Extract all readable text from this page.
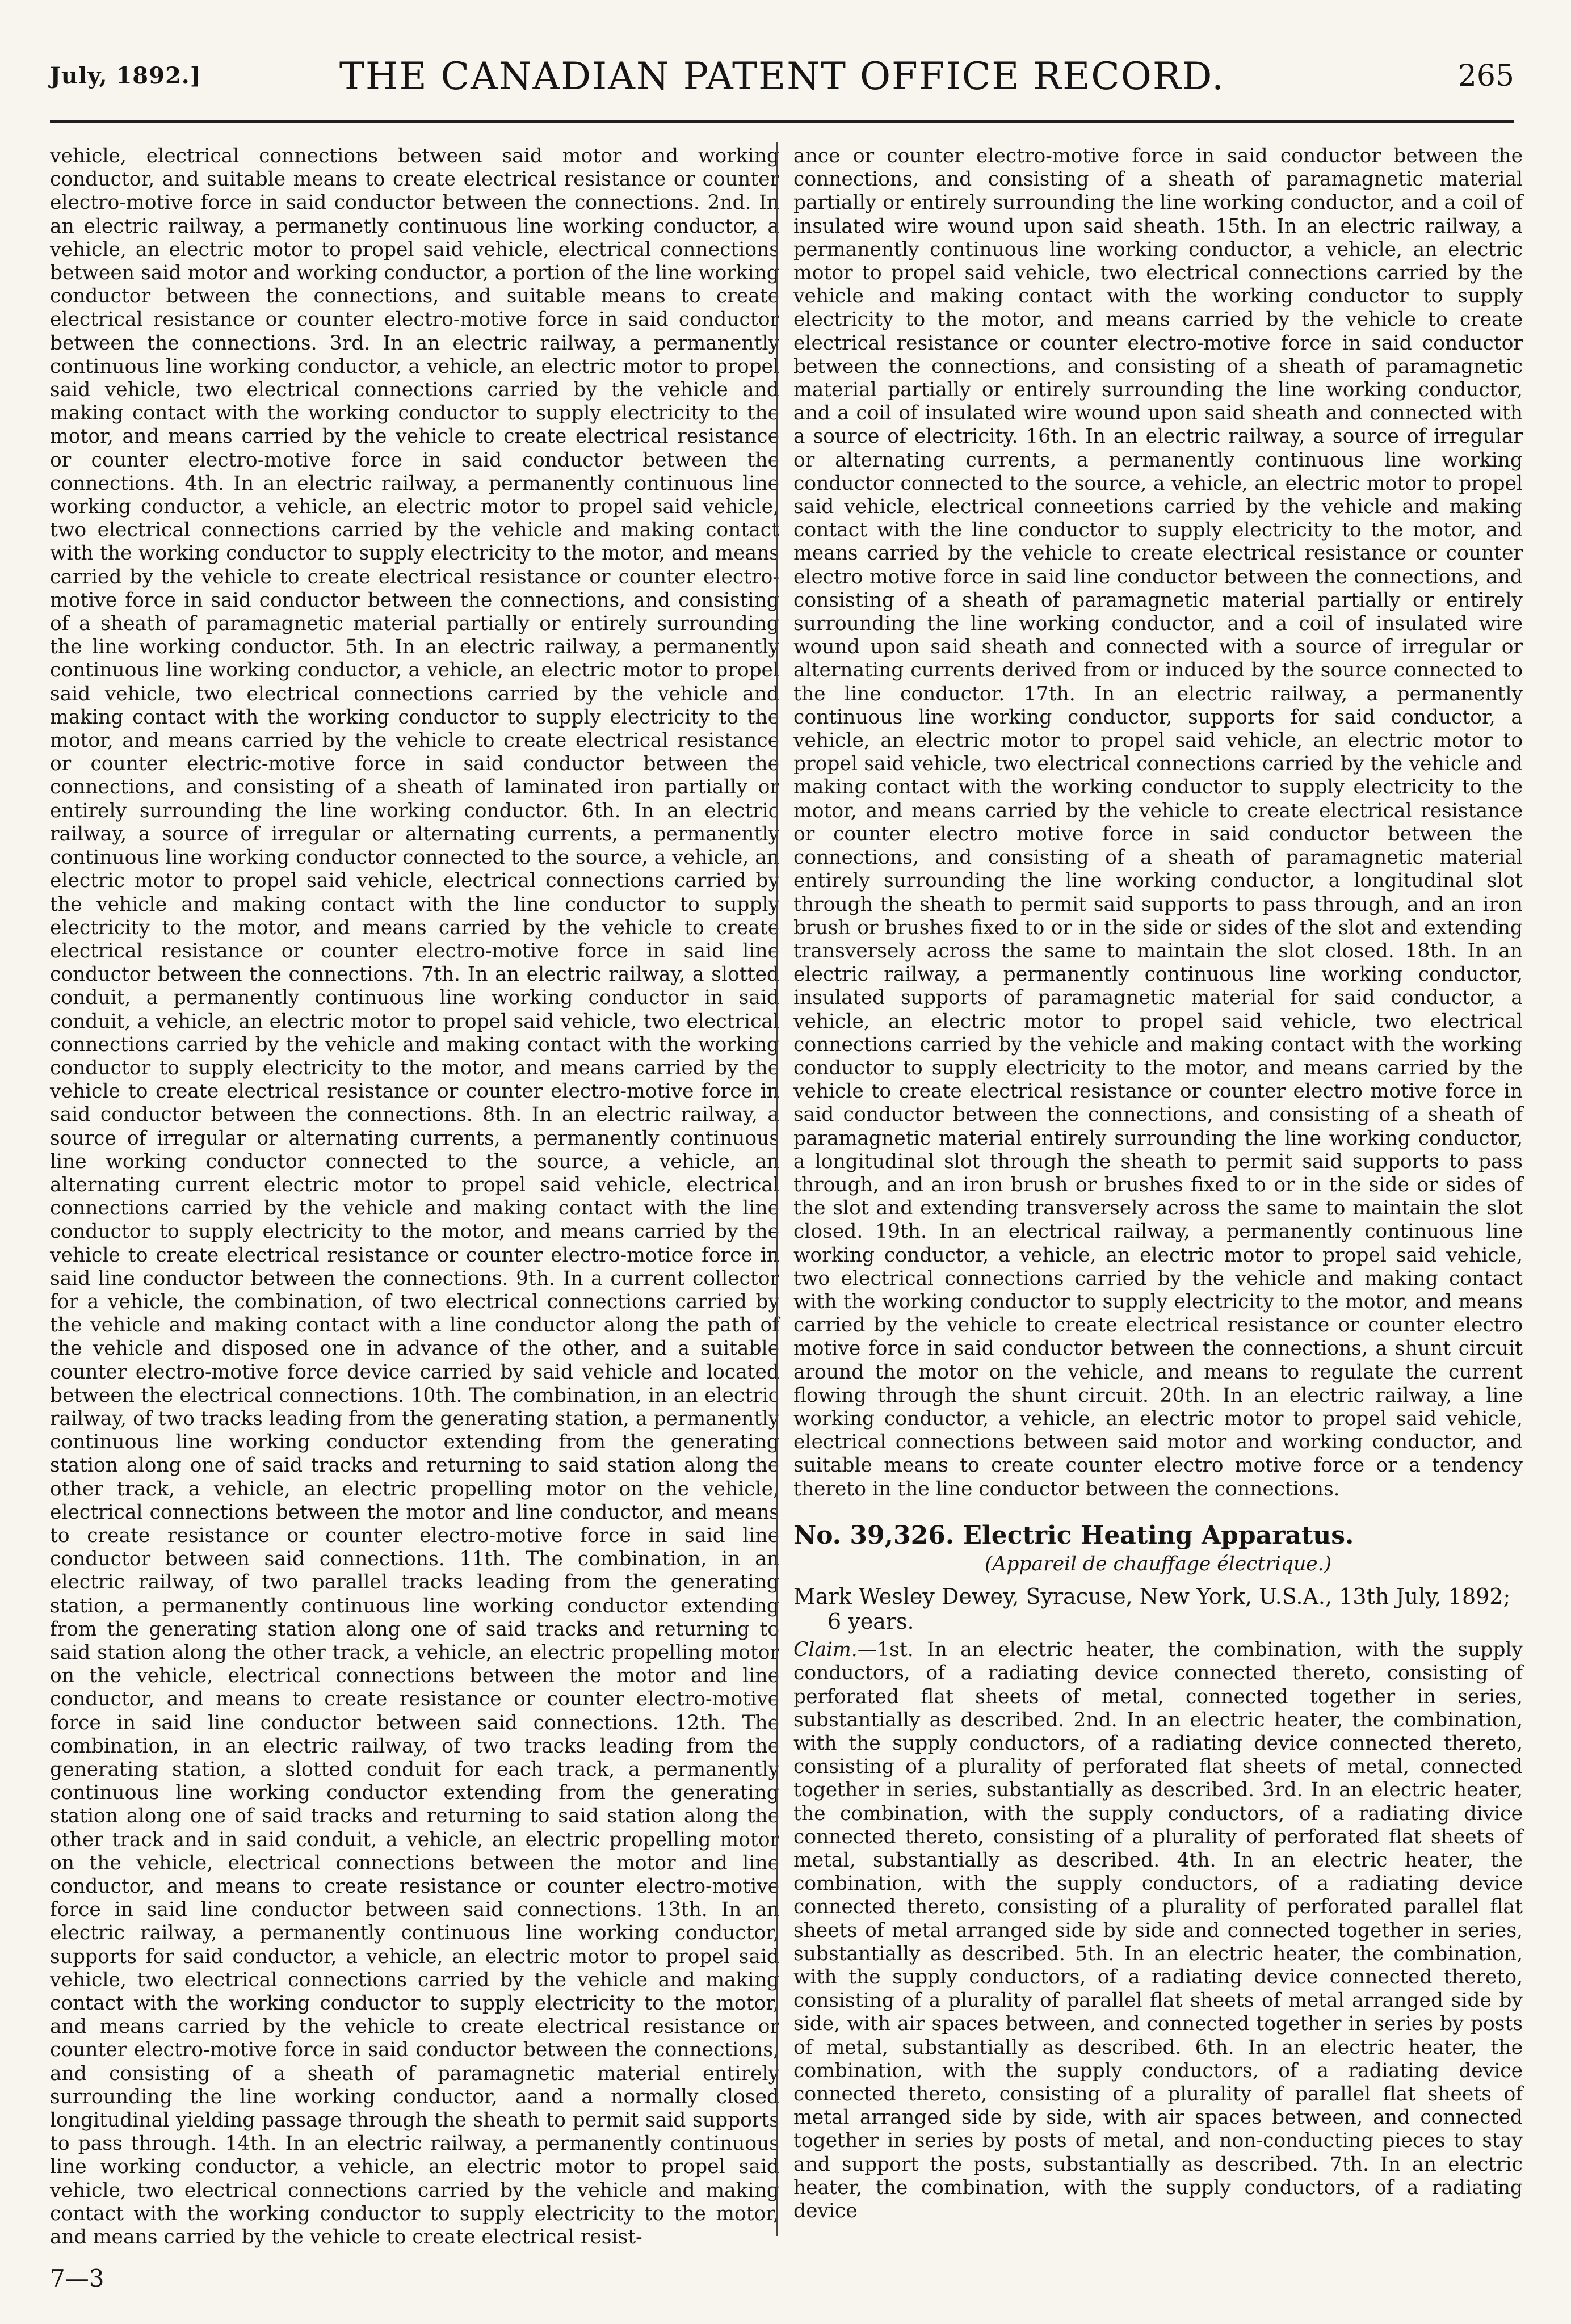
July, 1892.]	THE CANADIAN PATENT OFFICE RECORD.	265

vehicle, electrical connections between said motor and working conductor, and suitable means to create electrical resistance or counter electro-motive force in said conductor between the connections. 2nd. In an electric railway, a permanetly continuous line working conductor, a vehicle, an electric motor to propel said vehicle, electrical connections between said motor and working conductor, a portion of the line working conductor between the connections, and suitable means to create electrical resistance or counter electro-motive force in said conductor between the connections. 3rd. In an electric railway, a permanently continuous line working conductor, a vehicle, an electric motor to propel said vehicle, two electrical connections carried by the vehicle and making contact with the working conductor to supply electricity to the motor, and means carried by the vehicle to create electrical resistance or counter electro-motive force in said conductor between the connections. 4th. In an electric railway, a permanently continuous line working conductor, a vehicle, an electric motor to propel said vehicle, two electrical connections carried by the vehicle and making contact with the working conductor to supply electricity to the motor, and means carried by the vehicle to create electrical resistance or counter electro-motive force in said conductor between the connections, and consisting of a sheath of paramagnetic material partially or entirely surrounding the line working conductor. 5th. In an electric railway, a permanently continuous line working conductor, a vehicle, an electric motor to propel said vehicle, two electrical connections carried by the vehicle and making contact with the working conductor to supply electricity to the motor, and means carried by the vehicle to create electrical resistance or counter electric-motive force in said conductor between the connections, and consisting of a sheath of laminated iron partially or entirely surrounding the line working conductor. 6th. In an electric railway, a source of irregular or alternating currents, a permanently continuous line working conductor connected to the source, a vehicle, an electric motor to propel said vehicle, electrical connections carried by the vehicle and making contact with the line conductor to supply electricity to the motor, and means carried by the vehicle to create electrical resistance or counter electro-motive force in said line conductor between the connections. 7th. In an electric railway, a slotted conduit, a permanently continuous line working conductor in said conduit, a vehicle, an electric motor to propel said vehicle, two electrical connections carried by the vehicle and making contact with the working conductor to supply electricity to the motor, and means carried by the vehicle to create electrical resistance or counter electro-motive force in said conductor between the connections. 8th. In an electric railway, a source of irregular or alternating currents, a permanently continuous line working conductor connected to the source, a vehicle, an alternating current electric motor to propel said vehicle, electrical connections carried by the vehicle and making contact with the line conductor to supply electricity to the motor, and means carried by the vehicle to create electrical resistance or counter electro-motice force in said line conductor between the connections. 9th. In a current collector for a vehicle, the combination, of two electrical connections carried by the vehicle and making contact with a line conductor along the path of the vehicle and disposed one in advance of the other, and a suitable counter electro-motive force device carried by said vehicle and located between the electrical connections. 10th. The combination, in an electric railway, of two tracks leading from the generating station, a permanently continuous line working conductor extending from the generating station along one of said tracks and returning to said station along the other track, a vehicle, an electric propelling motor on the vehicle, electrical connections between the motor and line conductor, and means to create resistance or counter electro-motive force in said line conductor between said connections. 11th. The combination, in an electric railway, of two parallel tracks leading from the generating station, a permanently continuous line working conductor extending from the generating station along one of said tracks and returning to said station along the other track, a vehicle, an electric propelling motor on the vehicle, electrical connections between the motor and line conductor, and means to create resistance or counter electro-motive force in said line conductor between said connections. 12th. The combination, in an electric railway, of two tracks leading from the generating station, a slotted conduit for each track, a permanently continuous line working conductor extending from the generating station along one of said tracks and returning to said station along the other track and in said conduit, a vehicle, an electric propelling motor on the vehicle, electrical connections between the motor and line conductor, and means to create resistance or counter electro-motive force in said line conductor between said connections. 13th. In an electric railway, a permanently continuous line working conductor, supports for said conductor, a vehicle, an electric motor to propel said vehicle, two electrical connections carried by the vehicle and making contact with the working conductor to supply electricity to the motor, and means carried by the vehicle to create electrical resistance or counter electro-motive force in said conductor between the connections, and consisting of a sheath of paramagnetic material entirely surrounding the line working conductor, aand a normally closed longitudinal yielding passage through the sheath to permit said supports to pass through. 14th. In an electric railway, a permanently continuous line working conductor, a vehicle, an electric motor to propel said vehicle, two electrical connections carried by the vehicle and making contact with the working conductor to supply electricity to the motor, and means carried by the vehicle to create electrical resist-

ance or counter electro-motive force in said conductor between the connections, and consisting of a sheath of paramagnetic material partially or entirely surrounding the line working conductor, and a coil of insulated wire wound upon said sheath. 15th. In an electric railway, a permanently continuous line working conductor, a vehicle, an electric motor to propel said vehicle, two electrical connections carried by the vehicle and making contact with the working conductor to supply electricity to the motor, and means carried by the vehicle to create electrical resistance or counter electro-motive force in said conductor between the connections, and consisting of a sheath of paramagnetic material partially or entirely surrounding the line working conductor, and a coil of insulated wire wound upon said sheath and connected with a source of electricity. 16th. In an electric railway, a source of irregular or alternating currents, a permanently continuous line working conductor connected to the source, a vehicle, an electric motor to propel said vehicle, electrical conneetions carried by the vehicle and making contact with the line conductor to supply electricity to the motor, and means carried by the vehicle to create electrical resistance or counter electro motive force in said line conductor between the connections, and consisting of a sheath of paramagnetic material partially or entirely surrounding the line working conductor, and a coil of insulated wire wound upon said sheath and connected with a source of irregular or alternating currents derived from or induced by the source connected to the line conductor. 17th. In an electric railway, a permanently continuous line working conductor, supports for said conductor, a vehicle, an electric motor to propel said vehicle, an electric motor to propel said vehicle, two electrical connections carried by the vehicle and making contact with the working conductor to supply electricity to the motor, and means carried by the vehicle to create electrical resistance or counter electro motive force in said conductor between the connections, and consisting of a sheath of paramagnetic material entirely surrounding the line working conductor, a longitudinal slot through the sheath to permit said supports to pass through, and an iron brush or brushes fixed to or in the side or sides of the slot and extending transversely across the same to maintain the slot closed. 18th. In an electric railway, a permanently continuous line working conductor, insulated supports of paramagnetic material for said conductor, a vehicle, an electric motor to propel said vehicle, two electrical connections carried by the vehicle and making contact with the working conductor to supply electricity to the motor, and means carried by the vehicle to create electrical resistance or counter electro motive force in said conductor between the connections, and consisting of a sheath of paramagnetic material entirely surrounding the line working conductor, a longitudinal slot through the sheath to permit said supports to pass through, and an iron brush or brushes fixed to or in the side or sides of the slot and extending transversely across the same to maintain the slot closed. 19th. In an electrical railway, a permanently continuous line working conductor, a vehicle, an electric motor to propel said vehicle, two electrical connections carried by the vehicle and making contact with the working conductor to supply electricity to the motor, and means carried by the vehicle to create electrical resistance or counter electro motive force in said conductor between the connections, a shunt circuit around the motor on the vehicle, and means to regulate the current flowing through the shunt circuit. 20th. In an electric railway, a line working conductor, a vehicle, an electric motor to propel said vehicle, electrical connections between said motor and working conductor, and suitable means to create counter electro motive force or a tendency thereto in the line conductor between the connections.

No. 39,326. Electric Heating Apparatus.
(Appareil de chauffage électrique.)
Mark Wesley Dewey, Syracuse, New York, U.S.A., 13th July, 1892; 6 years.

Claim.—1st. In an electric heater, the combination, with the supply conductors, of a radiating device connected thereto, consisting of perforated flat sheets of metal, connected together in series, substantially as described. 2nd. In an electric heater, the combination, with the supply conductors, of a radiating device connected thereto, consisting of a plurality of perforated flat sheets of metal, connected together in series, substantially as described. 3rd. In an electric heater, the combination, with the supply conductors, of a radiating divice connected thereto, consisting of a plurality of perforated flat sheets of metal, substantially as described. 4th. In an electric heater, the combination, with the supply conductors, of a radiating device connected thereto, consisting of a plurality of perforated parallel flat sheets of metal arranged side by side and connected together in series, substantially as described. 5th. In an electric heater, the combination, with the supply conductors, of a radiating device connected thereto, consisting of a plurality of parallel flat sheets of metal arranged side by side, with air spaces between, and connected together in series by posts of metal, substantially as described. 6th. In an electric heater, the combination, with the supply conductors, of a radiating device connected thereto, consisting of a plurality of parallel flat sheets of metal arranged side by side, with air spaces between, and connected together in series by posts of metal, and non-conducting pieces to stay and support the posts, substantially as described. 7th. In an electric heater, the combination, with the supply conductors, of a radiating device

7—3
